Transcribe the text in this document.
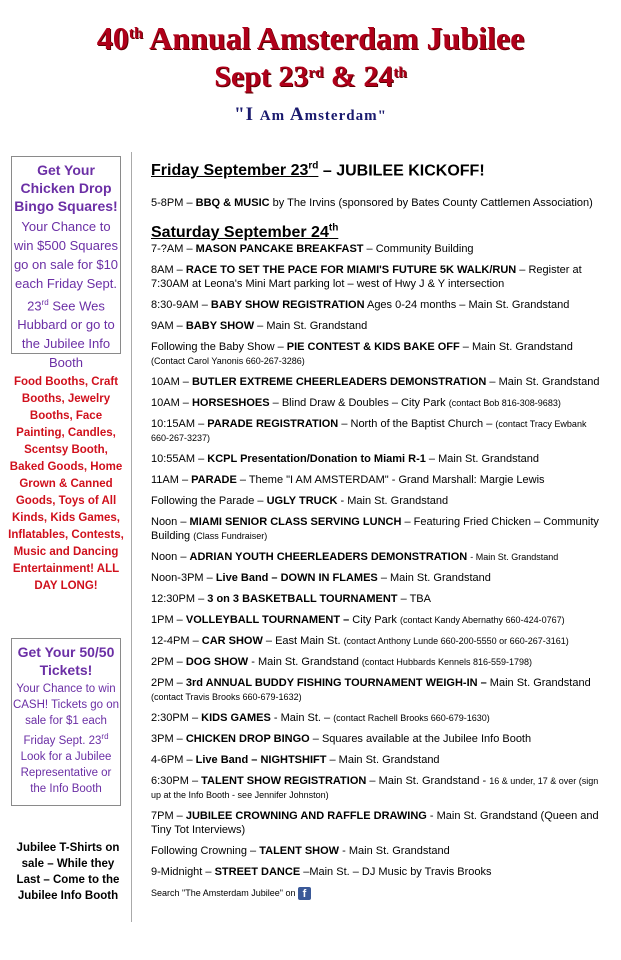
40th Annual Amsterdam Jubilee
Sept 23rd & 24th
"I Am Amsterdam"
Get Your Chicken Drop Bingo Squares!

Your Chance to win $500 Squares go on sale for $10 each Friday Sept. 23rd See Wes Hubbard or go to the Jubilee Info Booth

Food Booths, Craft Booths, Jewelry Booths, Face Painting, Candles, Scentsy Booth, Baked Goods, Home Grown & Canned Goods, Toys of All Kinds, Kids Games, Inflatables, Contests, Music and Dancing Entertainment! ALL DAY LONG!
Get Your 50/50 Tickets!

Your Chance to win CASH! Tickets go on sale for $1 each Friday Sept. 23rd Look for a Jubilee Representative or the Info Booth

Jubilee T-Shirts on sale – While they Last – Come to the Jubilee Info Booth
Friday September 23rd – JUBILEE KICKOFF!

5-8PM – BBQ & MUSIC by The Irvins (sponsored by Bates County Cattlemen Association)

Saturday September 24th

7-?AM – MASON PANCAKE BREAKFAST – Community Building

8AM – RACE TO SET THE PACE FOR MIAMI'S FUTURE 5K WALK/RUN – Register at 7:30AM at Leona's Mini Mart parking lot – west of Hwy J & Y intersection

8:30-9AM – BABY SHOW REGISTRATION Ages 0-24 months – Main St. Grandstand

9AM – BABY SHOW – Main St. Grandstand

Following the Baby Show – PIE CONTEST & KIDS BAKE OFF – Main St. Grandstand (Contact Carol Yanonis 660-267-3286)

10AM – BUTLER EXTREME CHEERLEADERS DEMONSTRATION – Main St. Grandstand

10AM – HORSESHOES – Blind Draw & Doubles – City Park (contact Bob 816-308-9683)

10:15AM – PARADE REGISTRATION – North of the Baptist Church – (contact Tracy Ewbank 660-267-3237)

10:55AM – KCPL Presentation/Donation to Miami R-1 – Main St. Grandstand

11AM – PARADE – Theme "I AM AMSTERDAM" - Grand Marshall: Margie Lewis

Following the Parade – UGLY TRUCK - Main St. Grandstand

Noon – MIAMI SENIOR CLASS SERVING LUNCH – Featuring Fried Chicken – Community Building (Class Fundraiser)

Noon – ADRIAN YOUTH CHEERLEADERS DEMONSTRATION - Main St. Grandstand

Noon-3PM – Live Band – DOWN IN FLAMES – Main St. Grandstand

12:30PM – 3 on 3 BASKETBALL TOURNAMENT – TBA

1PM – VOLLEYBALL TOURNAMENT – City Park (contact Kandy Abernathy 660-424-0767)

12-4PM – CAR SHOW – East Main St. (contact Anthony Lunde 660-200-5550 or 660-267-3161)

2PM – DOG SHOW - Main St. Grandstand (contact Hubbards Kennels 816-559-1798)

2PM – 3rd ANNUAL BUDDY FISHING TOURNAMENT WEIGH-IN – Main St. Grandstand (contact Travis Brooks 660-679-1632)

2:30PM – KIDS GAMES - Main St. – (contact Rachell Brooks 660-679-1630)

3PM – CHICKEN DROP BINGO – Squares available at the Jubilee Info Booth

4-6PM – Live Band – NIGHTSHIFT – Main St. Grandstand

6:30PM – TALENT SHOW REGISTRATION – Main St. Grandstand - 16 & under, 17 & over (sign up at the Info Booth - see Jennifer Johnston)

7PM – JUBILEE CROWNING AND RAFFLE DRAWING - Main St. Grandstand (Queen and Tiny Tot Interviews)

Following Crowning – TALENT SHOW - Main St. Grandstand

9-Midnight – STREET DANCE –Main St. – DJ Music by Travis Brooks

Search "The Amsterdam Jubilee" on f
